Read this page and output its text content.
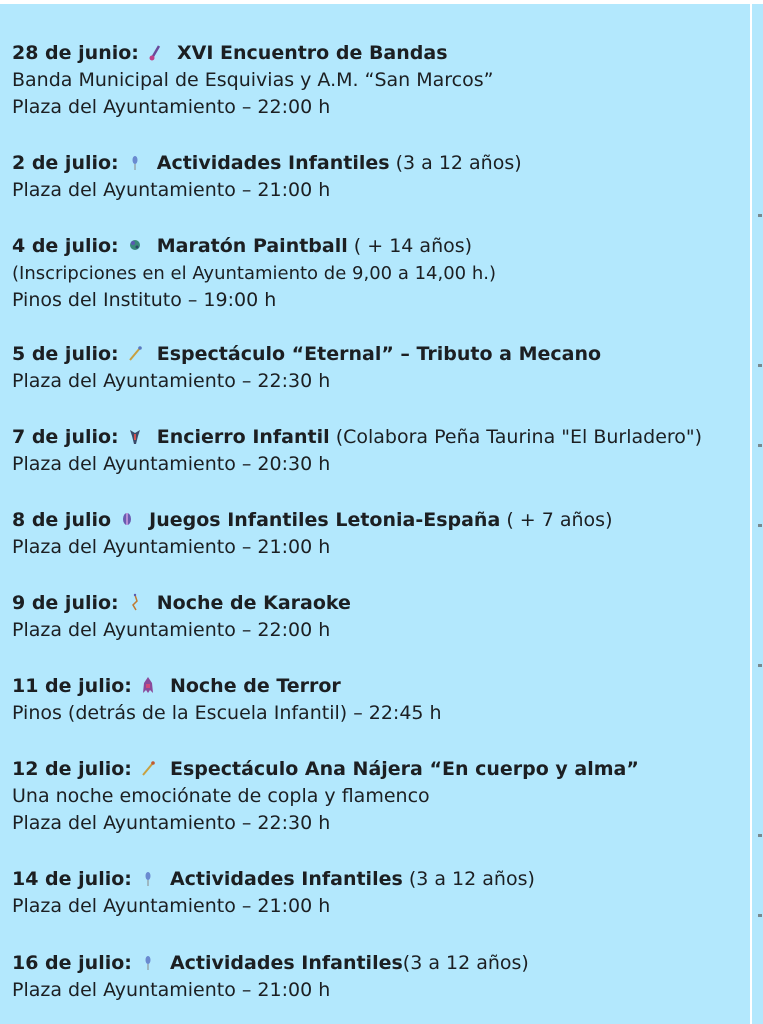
28 de junio: XVI Encuentro de Bandas
Banda Municipal de Esquivias y A.M. “San Marcos”
Plaza del Ayuntamiento – 22:00 h
2 de julio: Actividades Infantiles (3 a 12 años)
Plaza del Ayuntamiento – 21:00 h
4 de julio: Maratón Paintball ( + 14 años)
(Inscripciones en el Ayuntamiento de 9,00 a 14,00 h.)
Pinos del Instituto – 19:00 h
5 de julio: Espectáculo “Eternal” – Tributo a Mecano
Plaza del Ayuntamiento – 22:30 h
7 de julio: Encierro Infantil (Colabora Peña Taurina "El Burladero")
Plaza del Ayuntamiento – 20:30 h
8 de julio Juegos Infantiles Letonia-España ( + 7 años)
Plaza del Ayuntamiento – 21:00 h
9 de julio: Noche de Karaoke
Plaza del Ayuntamiento – 22:00 h
11 de julio: Noche de Terror
Pinos (detrás de la Escuela Infantil) – 22:45 h
12 de julio: Espectáculo Ana Nájera “En cuerpo y alma”
Una noche emociónate de copla y flamenco
Plaza del Ayuntamiento – 22:30 h
14 de julio: Actividades Infantiles (3 a 12 años)
Plaza del Ayuntamiento – 21:00 h
16 de julio: Actividades Infantiles(3 a 12 años)
Plaza del Ayuntamiento – 21:00 h
